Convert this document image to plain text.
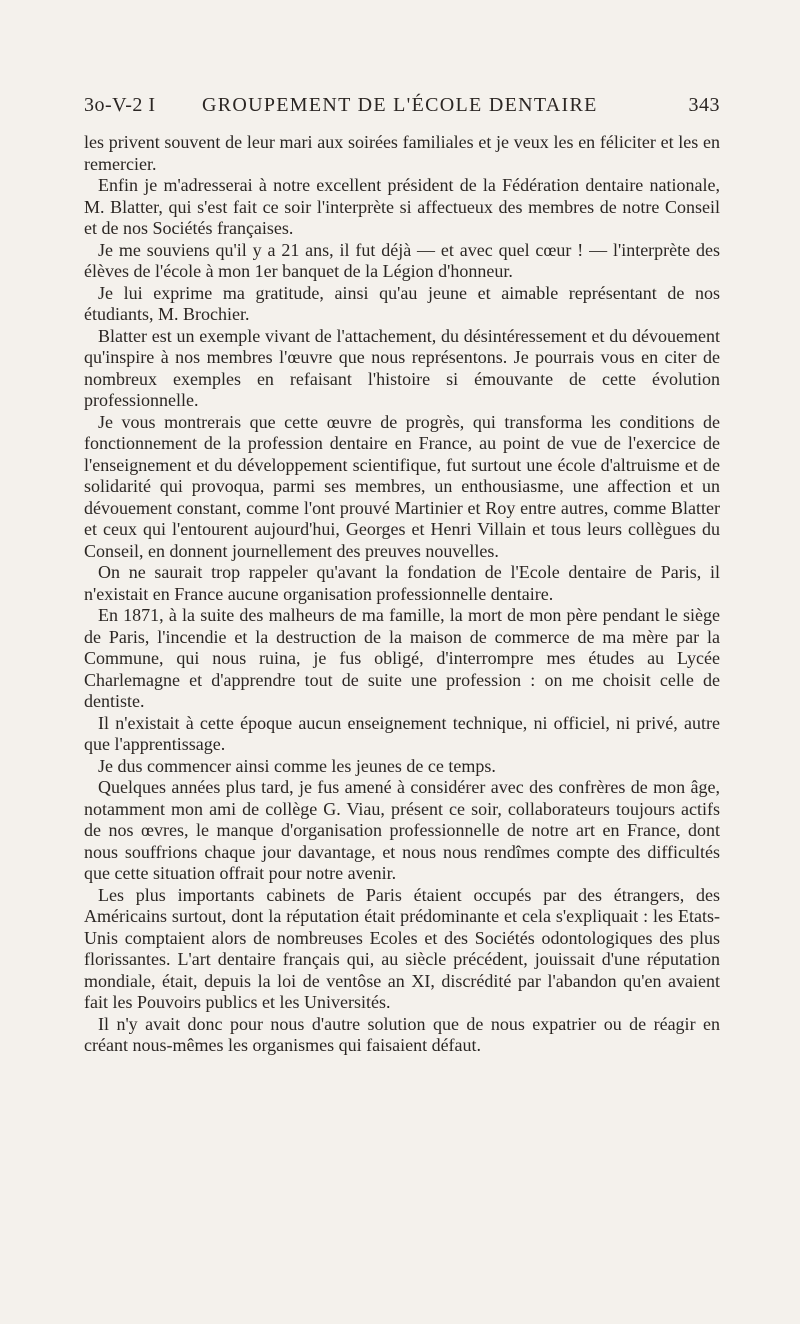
3o-V-2 I GROUPEMENT DE L'ÉCOLE DENTAIRE	343

les privent souvent de leur mari aux soirées familiales et je veux les en féliciter et les en remercier.

Enfin je m'adresserai à notre excellent président de la Fédération dentaire nationale, M. Blatter, qui s'est fait ce soir l'interprète si affectueux des membres de notre Conseil et de nos Sociétés françaises.

Je me souviens qu'il y a 21 ans, il fut déjà — et avec quel cœur ! — l'interprète des élèves de l'école à mon 1er banquet de la Légion d'honneur.

Je lui exprime ma gratitude, ainsi qu'au jeune et aimable représentant de nos étudiants, M. Brochier.

Blatter est un exemple vivant de l'attachement, du désintéressement et du dévouement qu'inspire à nos membres l'œuvre que nous représentons. Je pourrais vous en citer de nombreux exemples en refaisant l'histoire si émouvante de cette évolution professionnelle.

Je vous montrerais que cette œuvre de progrès, qui transforma les conditions de fonctionnement de la profession dentaire en France, au point de vue de l'exercice de l'enseignement et du développement scientifique, fut surtout une école d'altruisme et de solidarité qui provoqua, parmi ses membres, un enthousiasme, une affection et un dévouement constant, comme l'ont prouvé Martinier et Roy entre autres, comme Blatter et ceux qui l'entourent aujourd'hui, Georges et Henri Villain et tous leurs collègues du Conseil, en donnent journellement des preuves nouvelles.

On ne saurait trop rappeler qu'avant la fondation de l'Ecole dentaire de Paris, il n'existait en France aucune organisation professionnelle dentaire.

En 1871, à la suite des malheurs de ma famille, la mort de mon père pendant le siège de Paris, l'incendie et la destruction de la maison de commerce de ma mère par la Commune, qui nous ruina, je fus obligé, d'interrompre mes études au Lycée Charlemagne et d'apprendre tout de suite une profession : on me choisit celle de dentiste.

Il n'existait à cette époque aucun enseignement technique, ni officiel, ni privé, autre que l'apprentissage.

Je dus commencer ainsi comme les jeunes de ce temps.

Quelques années plus tard, je fus amené à considérer avec des confrères de mon âge, notamment mon ami de collège G. Viau, présent ce soir, collaborateurs toujours actifs de nos œvres, le manque d'organisation professionnelle de notre art en France, dont nous souffrions chaque jour davantage, et nous nous rendîmes compte des difficultés que cette situation offrait pour notre avenir.

Les plus importants cabinets de Paris étaient occupés par des étrangers, des Américains surtout, dont la réputation était prédominante et cela s'expliquait : les Etats-Unis comptaient alors de nombreuses Ecoles et des Sociétés odontologiques des plus florissantes. L'art dentaire français qui, au siècle précédent, jouissait d'une réputation mondiale, était, depuis la loi de ventôse an XI, discrédité par l'abandon qu'en avaient fait les Pouvoirs publics et les Universités.

Il n'y avait donc pour nous d'autre solution que de nous expatrier ou de réagir en créant nous-mêmes les organismes qui faisaient défaut.
